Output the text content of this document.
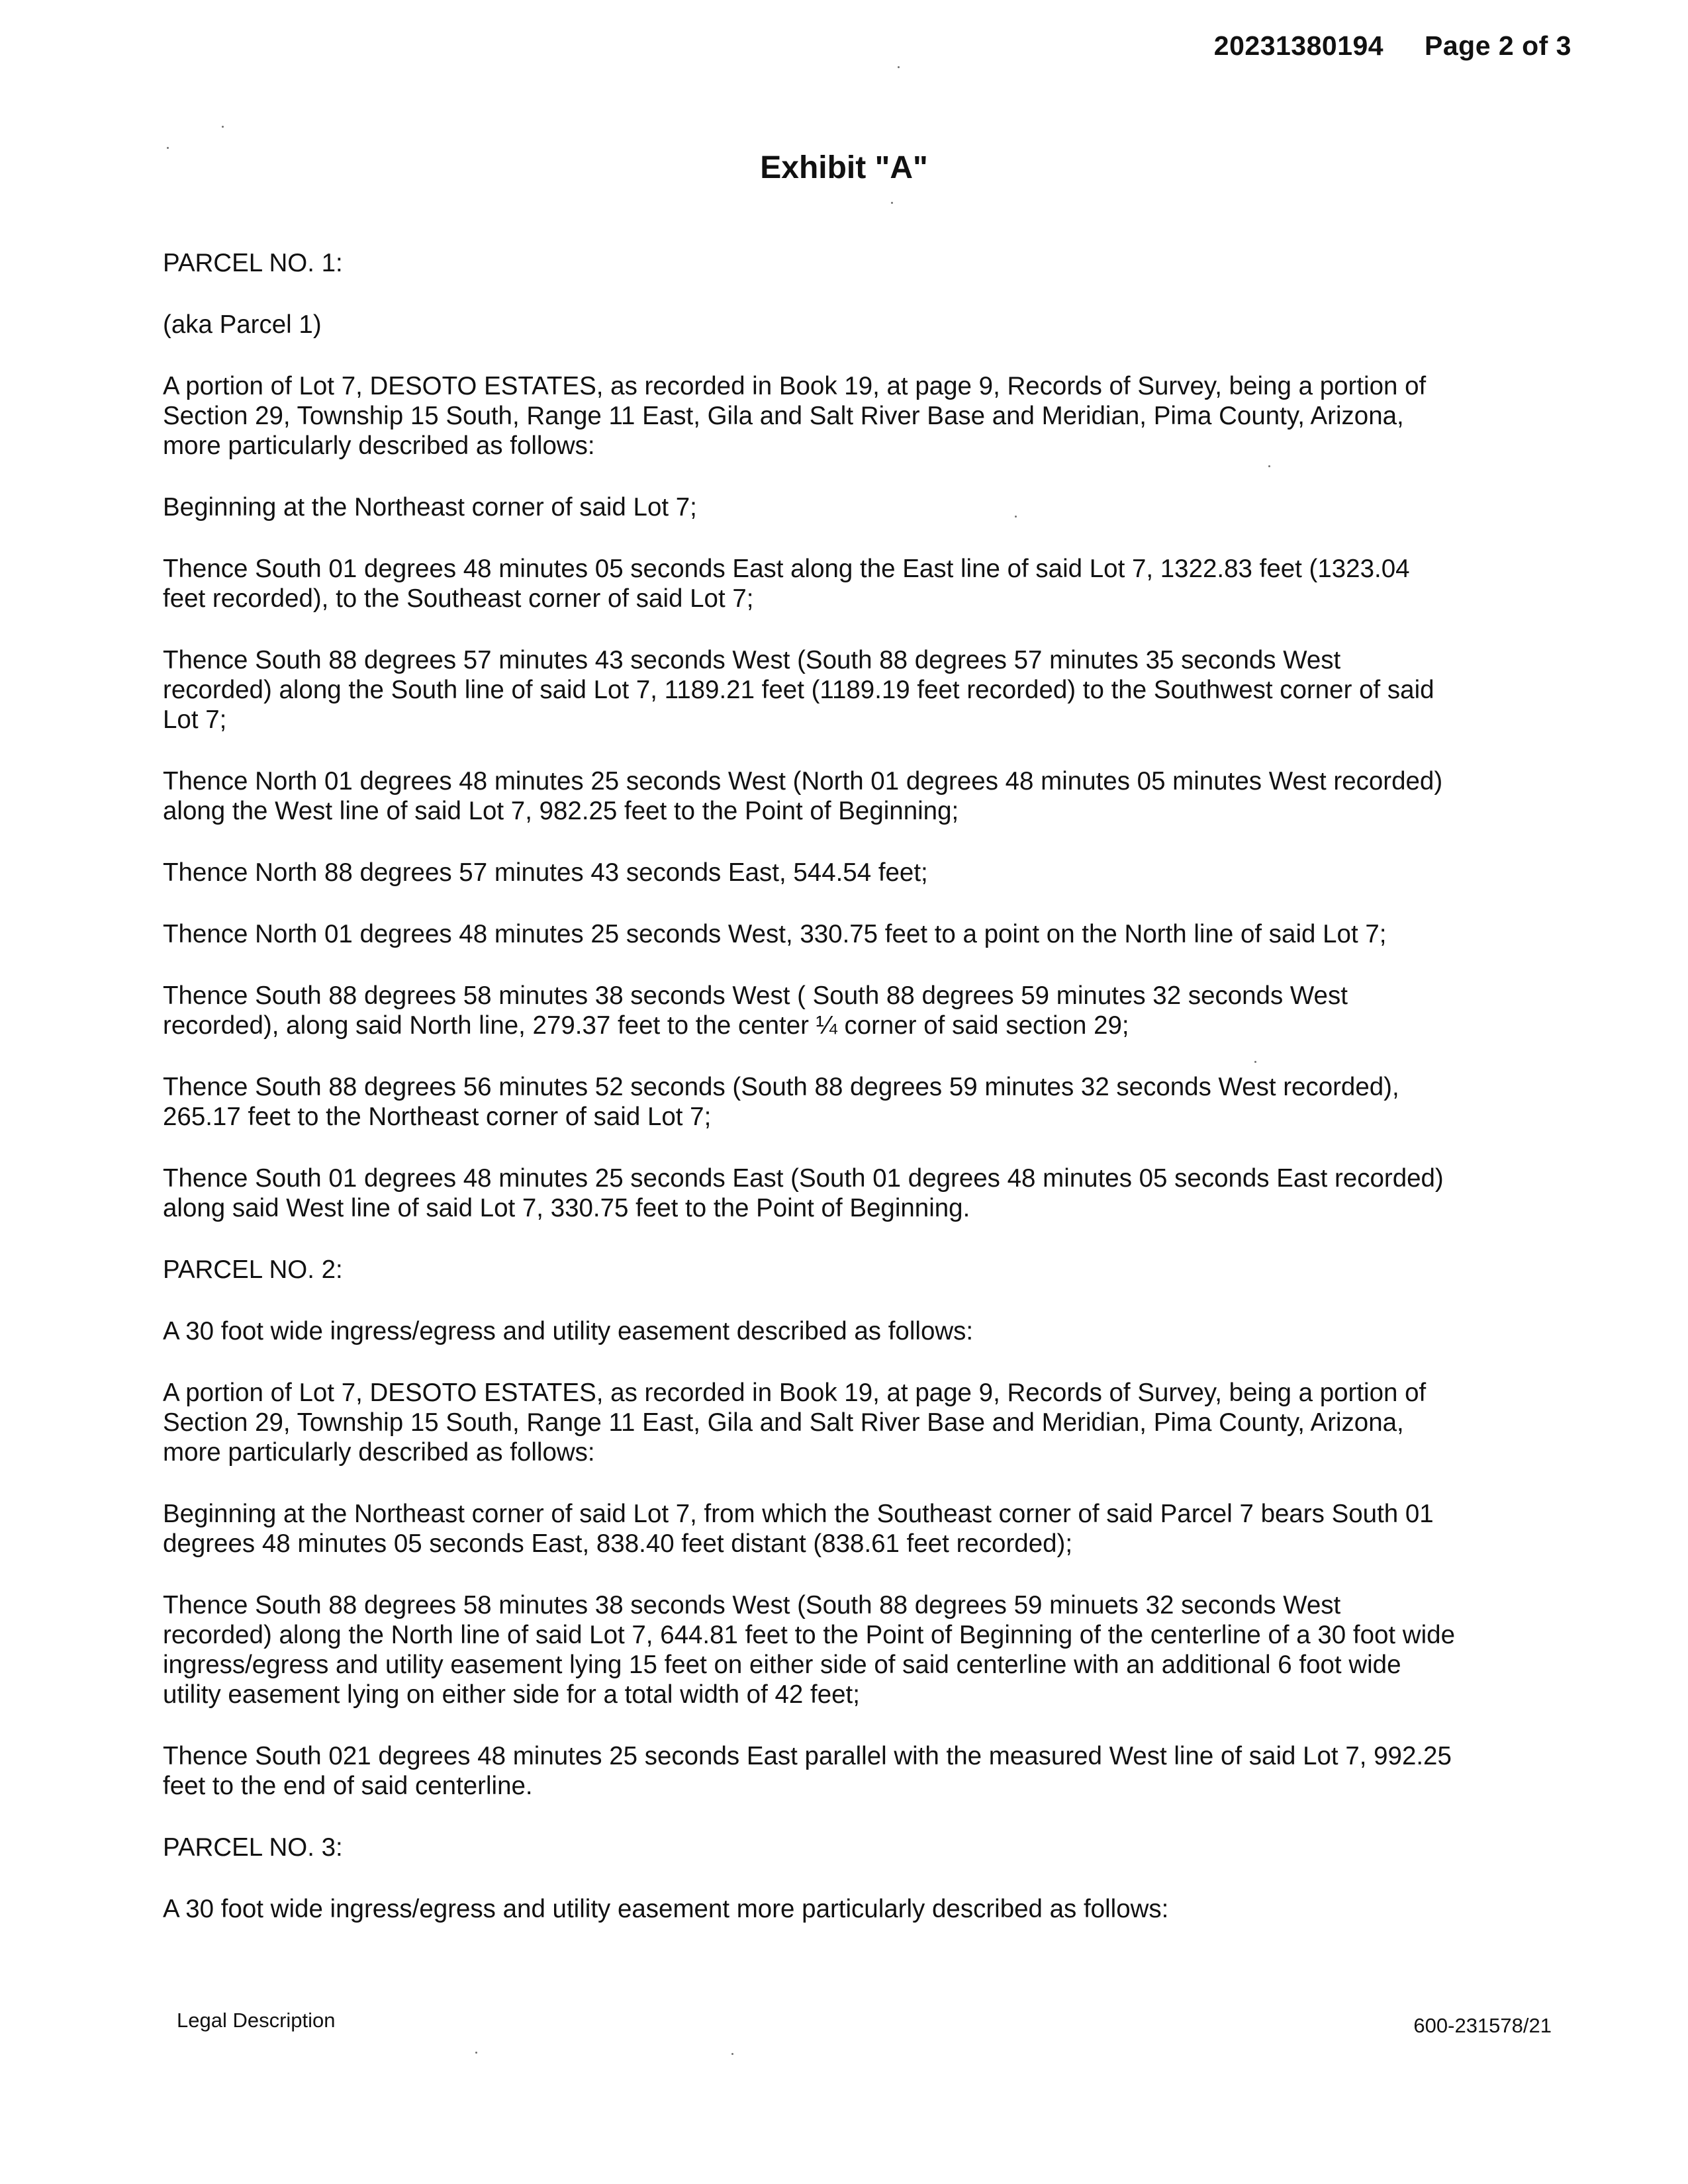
20231380194 Page 2 of 3
Exhibit "A"

PARCEL NO. 1:

(aka Parcel 1)

A portion of Lot 7, DESOTO ESTATES, as recorded in Book 19, at page 9, Records of Survey, being a portion of
Section 29, Township 15 South, Range 11 East, Gila and Salt River Base and Meridian, Pima County, Arizona,
more particularly described as follows:

Beginning at the Northeast corner of said Lot 7;

Thence South 01 degrees 48 minutes 05 seconds East along the East line of said Lot 7, 1322.83 feet (1323.04
feet recorded), to the Southeast corner of said Lot 7;

Thence South 88 degrees 57 minutes 43 seconds West (South 88 degrees 57 minutes 35 seconds West
recorded) along the South line of said Lot 7, 1189.21 feet (1189.19 feet recorded) to the Southwest corner of said
Lot 7;

Thence North 01 degrees 48 minutes 25 seconds West (North 01 degrees 48 minutes 05 minutes West recorded)
along the West line of said Lot 7, 982.25 feet to the Point of Beginning;

Thence North 88 degrees 57 minutes 43 seconds East, 544.54 feet;

Thence North 01 degrees 48 minutes 25 seconds West, 330.75 feet to a point on the North line of said Lot 7;

Thence South 88 degrees 58 minutes 38 seconds West ( South 88 degrees 59 minutes 32 seconds West
recorded), along said North line, 279.37 feet to the center ¼ corner of said section 29;

Thence South 88 degrees 56 minutes 52 seconds (South 88 degrees 59 minutes 32 seconds West recorded),
265.17 feet to the Northeast corner of said Lot 7;

Thence South 01 degrees 48 minutes 25 seconds East (South 01 degrees 48 minutes 05 seconds East recorded)
along said West line of said Lot 7, 330.75 feet to the Point of Beginning.

PARCEL NO. 2:

A 30 foot wide ingress/egress and utility easement described as follows:

A portion of Lot 7, DESOTO ESTATES, as recorded in Book 19, at page 9, Records of Survey, being a portion of
Section 29, Township 15 South, Range 11 East, Gila and Salt River Base and Meridian, Pima County, Arizona,
more particularly described as follows:

Beginning at the Northeast corner of said Lot 7, from which the Southeast corner of said Parcel 7 bears South 01
degrees 48 minutes 05 seconds East, 838.40 feet distant (838.61 feet recorded);

Thence South 88 degrees 58 minutes 38 seconds West (South 88 degrees 59 minuets 32 seconds West
recorded) along the North line of said Lot 7, 644.81 feet to the Point of Beginning of the centerline of a 30 foot wide
ingress/egress and utility easement lying 15 feet on either side of said centerline with an additional 6 foot wide
utility easement lying on either side for a total width of 42 feet;

Thence South 021 degrees 48 minutes 25 seconds East parallel with the measured West line of said Lot 7, 992.25
feet to the end of said centerline.

PARCEL NO. 3:

A 30 foot wide ingress/egress and utility easement more particularly described as follows:

Legal Description	600-231578/21
